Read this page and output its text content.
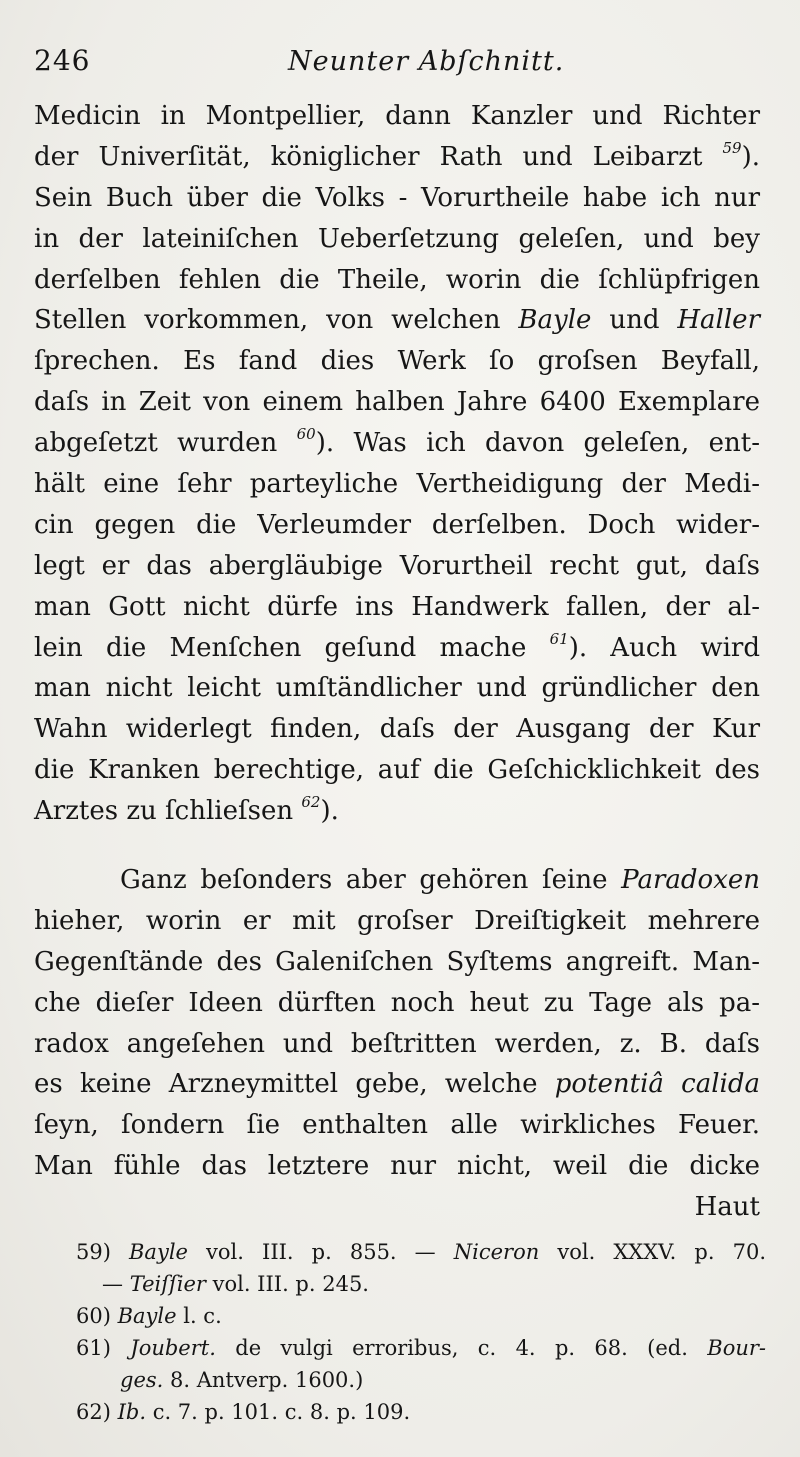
246	Neunter Abſchnitt.
Medicin in Montpellier, dann Kanzler und Richter
der Univerſität, königlicher Rath und Leibarzt $^{59}$).
Sein Buch über die Volks - Vorurtheile habe ich nur
in der lateiniſchen Ueberſetzung geleſen, und bey
derſelben fehlen die Theile, worin die ſchlüpfrigen
Stellen vorkommen, von welchen Bayle und Haller
ſprechen. Es fand dies Werk ſo groſsen Beyfall,
daſs in Zeit von einem halben Jahre 6400 Exemplare
abgeſetzt wurden $^{60}$). Was ich davon geleſen, ent-
hält eine ſehr parteyliche Vertheidigung der Medi-
cin gegen die Verleumder derſelben. Doch wider-
legt er das abergläubige Vorurtheil recht gut, daſs
man Gott nicht dürfe ins Handwerk fallen, der al-
lein die Menſchen geſund mache $^{61}$). Auch wird
man nicht leicht umſtändlicher und gründlicher den
Wahn widerlegt finden, daſs der Ausgang der Kur
die Kranken berechtige, auf die Geſchicklichkeit des
Arztes zu ſchlieſsen $^{62}$).
Ganz beſonders aber gehören ſeine Paradoxen
hieher, worin er mit groſser Dreiſtigkeit mehrere
Gegenſtände des Galeniſchen Syſtems angreift. Man-
che dieſer Ideen dürften noch heut zu Tage als pa-
radox angeſehen und beſtritten werden, z. B. daſs
es keine Arzneymittel gebe, welche potentiâ calida
ſeyn, ſondern ſie enthalten alle wirkliches Feuer.
Man fühle das letztere nur nicht, weil die dicke
Haut
59) Bayle vol. III. p. 855. — Niceron vol. XXXV. p. 70.
— Teiſſier vol. III. p. 245.
60) Bayle l. c.
61) Joubert. de vulgi erroribus, c. 4. p. 68. (ed. Bour-
ges. 8. Antverp. 1600.)
62) Ib. c. 7. p. 101. c. 8. p. 109.
